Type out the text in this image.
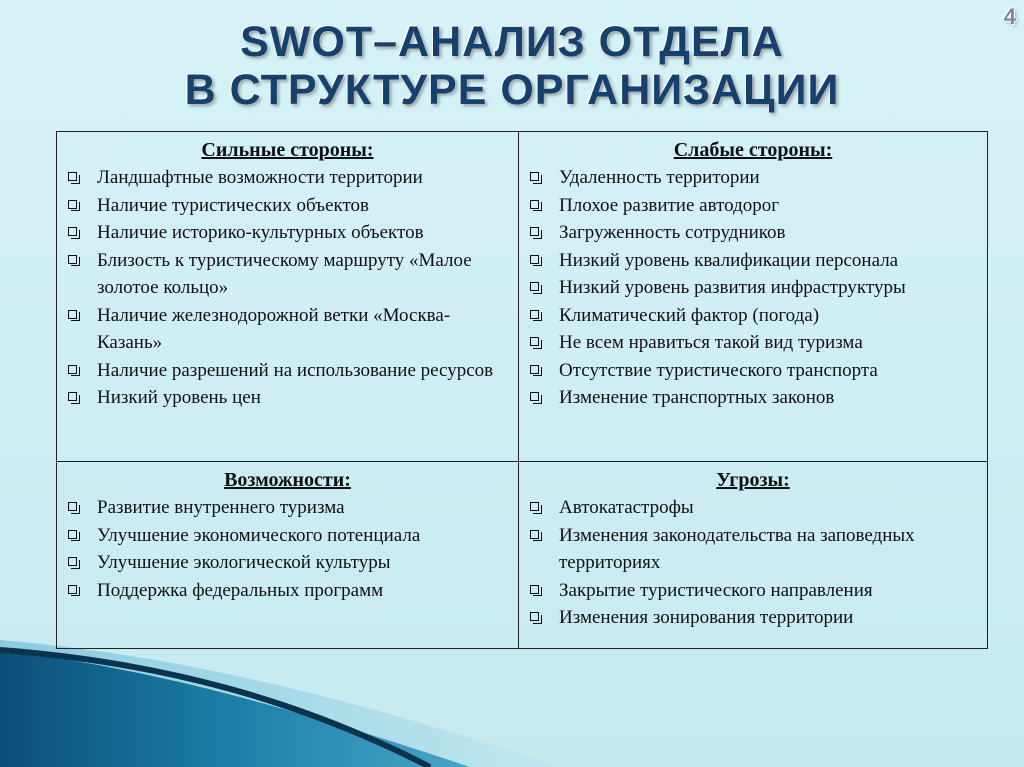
4
SWOT–АНАЛИЗ ОТДЕЛА
В СТРУКТУРЕ ОРГАНИЗАЦИИ
Сильные стороны:
Ландшафтные возможности территории
Наличие туристических объектов
Наличие историко-культурных объектов
Близость к туристическому маршруту «Малое золотое кольцо»
Наличие железнодорожной ветки «Москва-Казань»
Наличие разрешений на использование ресурсов
Низкий уровень цен
Слабые стороны:
Удаленность территории
Плохое развитие автодорог
Загруженность сотрудников
Низкий уровень квалификации персонала
Низкий уровень развития инфраструктуры
Климатический фактор (погода)
Не всем нравиться такой вид туризма
Отсутствие туристического транспорта
Изменение транспортных законов
Возможности:
Развитие внутреннего туризма
Улучшение экономического потенциала
Улучшение экологической культуры
Поддержка федеральных программ
Угрозы:
Автокатастрофы
Изменения законодательства на заповедных территориях
Закрытие туристического направления
Изменения зонирования территории
